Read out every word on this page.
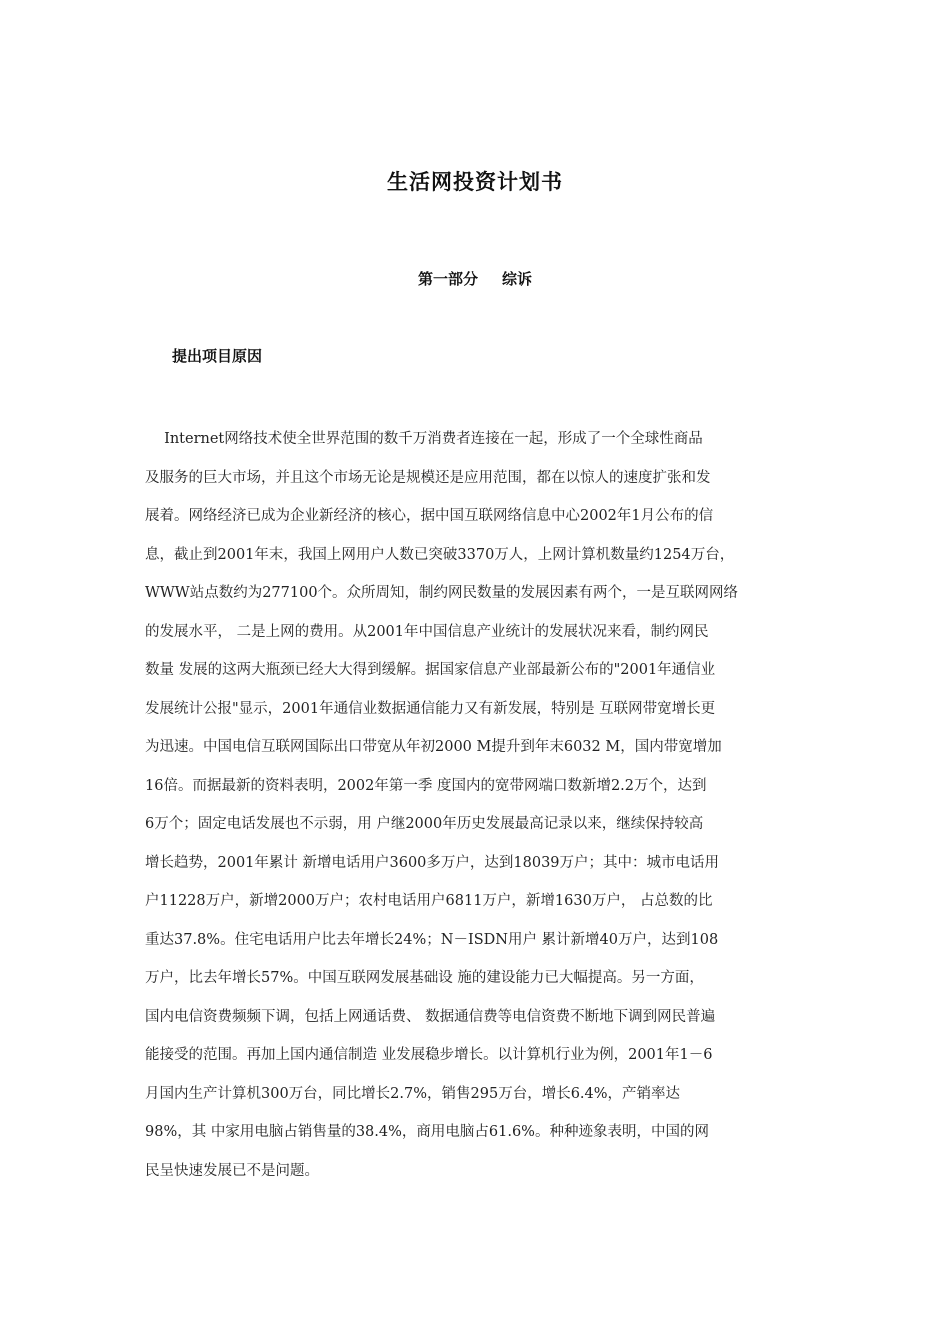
生活网投资计划书
第一部分 综诉
提出项目原因
　 Internet网络技术使全世界范围的数千万消费者连接在一起，形成了一个全球性商品
及服务的巨大市场，并且这个市场无论是规模还是应用范围，都在以惊人的速度扩张和发
展着。网络经济已成为企业新经济的核心，据中国互联网络信息中心2002年1月公布的信
息，截止到2001年末，我国上网用户人数已突破3370万人，上网计算机数量约1254万台，
WWW站点数约为277100个。众所周知，制约网民数量的发展因素有两个，一是互联网网络
的发展水平， 二是上网的费用。从2001年中国信息产业统计的发展状况来看，制约网民
数量 发展的这两大瓶颈已经大大得到缓解。据国家信息产业部最新公布的"2001年通信业
发展统计公报"显示，2001年通信业数据通信能力又有新发展，特别是 互联网带宽增长更
为迅速。中国电信互联网国际出口带宽从年初2000 M提升到年末6032 M，国内带宽增加
16倍。而据最新的资料表明，2002年第一季 度国内的宽带网端口数新增2.2万个，达到
6万个；固定电话发展也不示弱，用 户继2000年历史发展最高记录以来，继续保持较高
增长趋势，2001年累计 新增电话用户3600多万户，达到18039万户；其中：城市电话用
户11228万户，新增2000万户；农村电话用户6811万户，新增1630万户， 占总数的比
重达37.8%。住宅电话用户比去年增长24%；N－ISDN用户 累计新增40万户，达到108
万户，比去年增长57%。中国互联网发展基础设 施的建设能力已大幅提高。另一方面，
国内电信资费频频下调，包括上网通话费、 数据通信费等电信资费不断地下调到网民普遍
能接受的范围。再加上国内通信制造 业发展稳步增长。以计算机行业为例，2001年1－6
月国内生产计算机300万台，同比增长2.7%，销售295万台，增长6.4%，产销率达
98%，其 中家用电脑占销售量的38.4%，商用电脑占61.6%。种种迹象表明，中国的网
民呈快速发展已不是问题。
